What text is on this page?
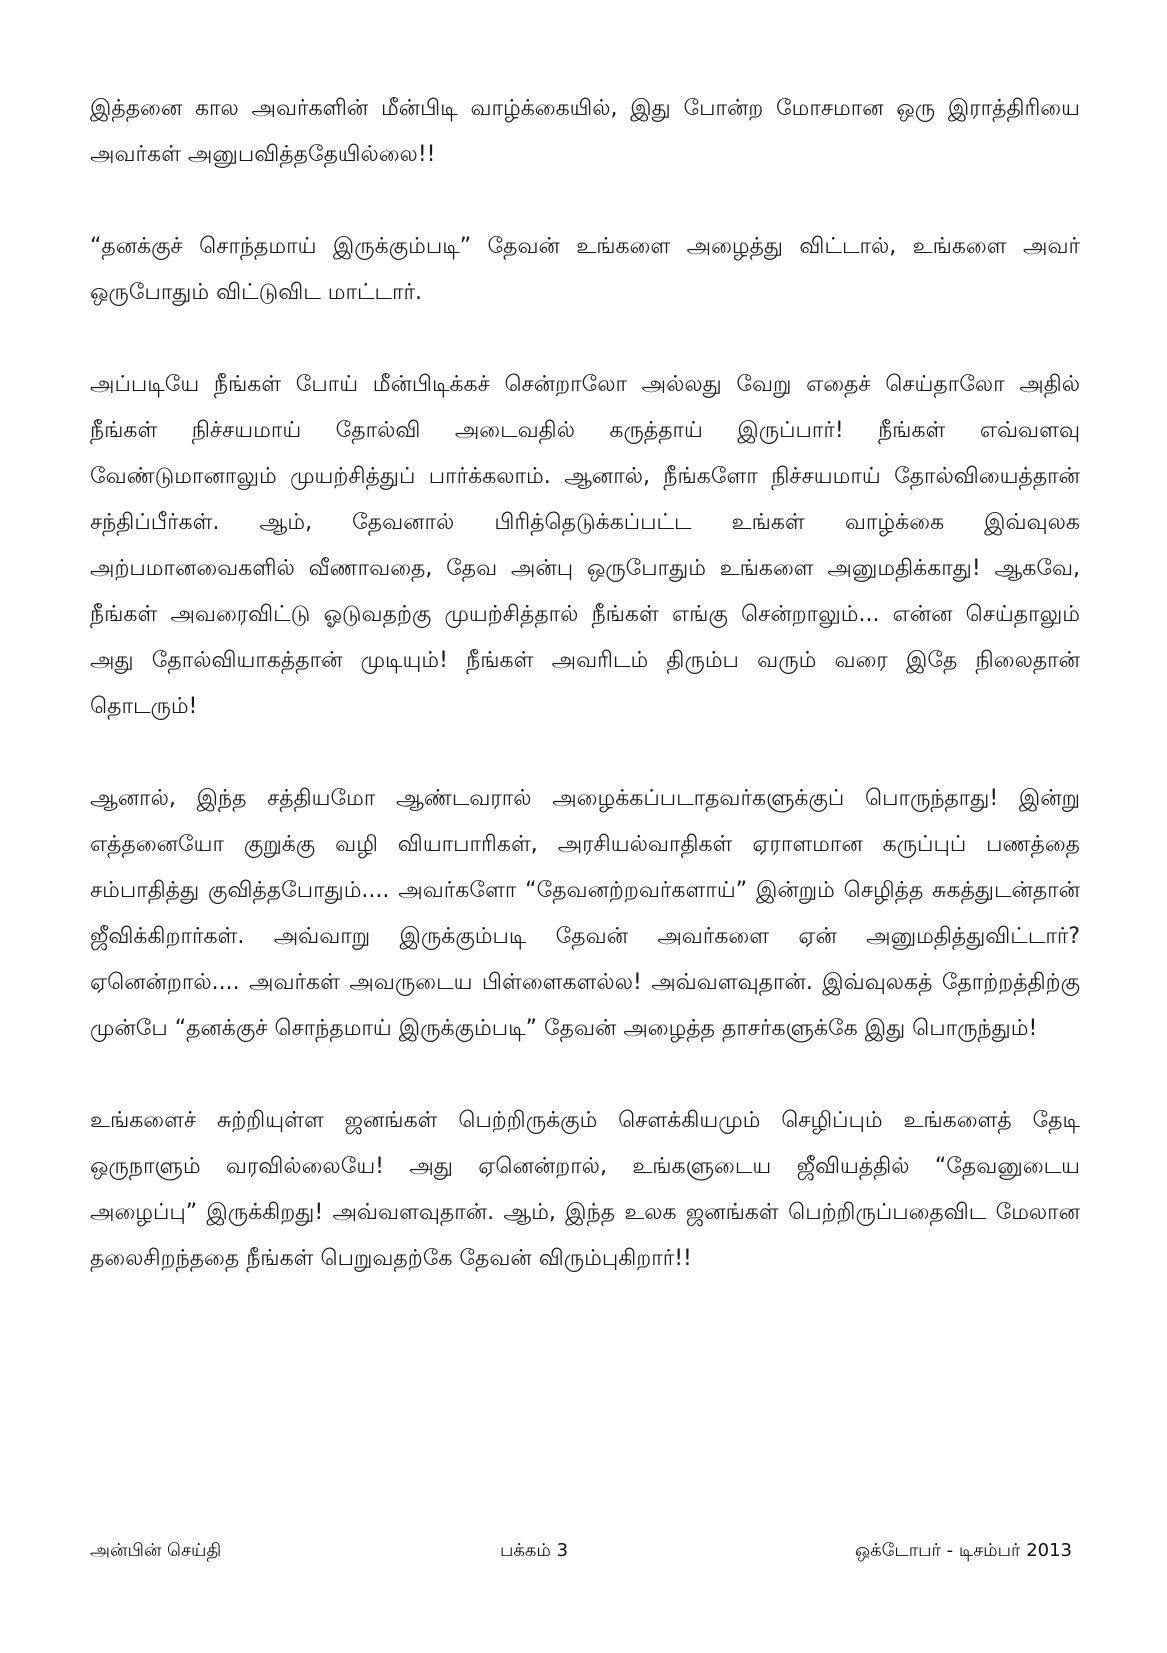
இத்தனை கால அவர்களின் மீன்பிடி வாழ்க்கையில், இது போன்ற மோசமான ஒரு இராத்திரியை அவர்கள் அனுபவித்ததேயில்லை!!

“தனக்குச் சொந்தமாய் இருக்கும்படி” தேவன் உங்களை அழைத்து விட்டால், உங்களை அவர் ஒருபோதும் விட்டுவிட மாட்டார்.

அப்படியே நீங்கள் போய் மீன்பிடிக்கச் சென்றாலோ அல்லது வேறு எதைச் செய்தாலோ அதில் நீங்கள் நிச்சயமாய் தோல்வி அடைவதில் கருத்தாய் இருப்பார்! நீங்கள் எவ்வளவு வேண்டுமானாலும் முயற்சித்துப் பார்க்கலாம். ஆனால், நீங்களோ நிச்சயமாய் தோல்வியைத்தான் சந்திப்பீர்கள். ஆம், தேவனால் பிரித்தெடுக்கப்பட்ட உங்கள் வாழ்க்கை இவ்வுலக அற்பமானவைகளில் வீணாவதை, தேவ அன்பு ஒருபோதும் உங்களை அனுமதிக்காது! ஆகவே, நீங்கள் அவரைவிட்டு ஓடுவதற்கு முயற்சித்தால் நீங்கள் எங்கு சென்றாலும்... என்ன செய்தாலும் அது தோல்வியாகத்தான் முடியும்! நீங்கள் அவரிடம் திரும்ப வரும் வரை இதே நிலைதான் தொடரும்!

ஆனால், இந்த சத்தியமோ ஆண்டவரால் அழைக்கப்படாதவர்களுக்குப் பொருந்தாது! இன்று எத்தனையோ குறுக்கு வழி வியாபாரிகள், அரசியல்வாதிகள் ஏராளமான கருப்புப் பணத்தை சம்பாதித்து குவித்தபோதும்.... அவர்களோ “தேவனற்றவர்களாய்” இன்றும் செழித்த சுகத்துடன்தான் ஜீவிக்கிறார்கள். அவ்வாறு இருக்கும்படி தேவன் அவர்களை ஏன் அனுமதித்துவிட்டார்? ஏனென்றால்.... அவர்கள் அவருடைய பிள்ளைகளல்ல! அவ்வளவுதான். இவ்வுலகத் தோற்றத்திற்கு முன்பே “தனக்குச் சொந்தமாய் இருக்கும்படி” தேவன் அழைத்த தாசர்களுக்கே இது பொருந்தும்!

உங்களைச் சுற்றியுள்ள ஜனங்கள் பெற்றிருக்கும் சௌக்கியமும் செழிப்பும் உங்களைத் தேடி ஒருநாளும் வரவில்லையே! அது ஏனென்றால், உங்களுடைய ஜீவியத்தில் “தேவனுடைய அழைப்பு” இருக்கிறது! அவ்வளவுதான். ஆம், இந்த உலக ஜனங்கள் பெற்றிருப்பதைவிட மேலான தலைசிறந்ததை நீங்கள் பெறுவதற்கே தேவன் விரும்புகிறார்!!

அன்பின் செய்தி	பக்கம் 3	ஒக்டோபர் - டிசம்பர் 2013
